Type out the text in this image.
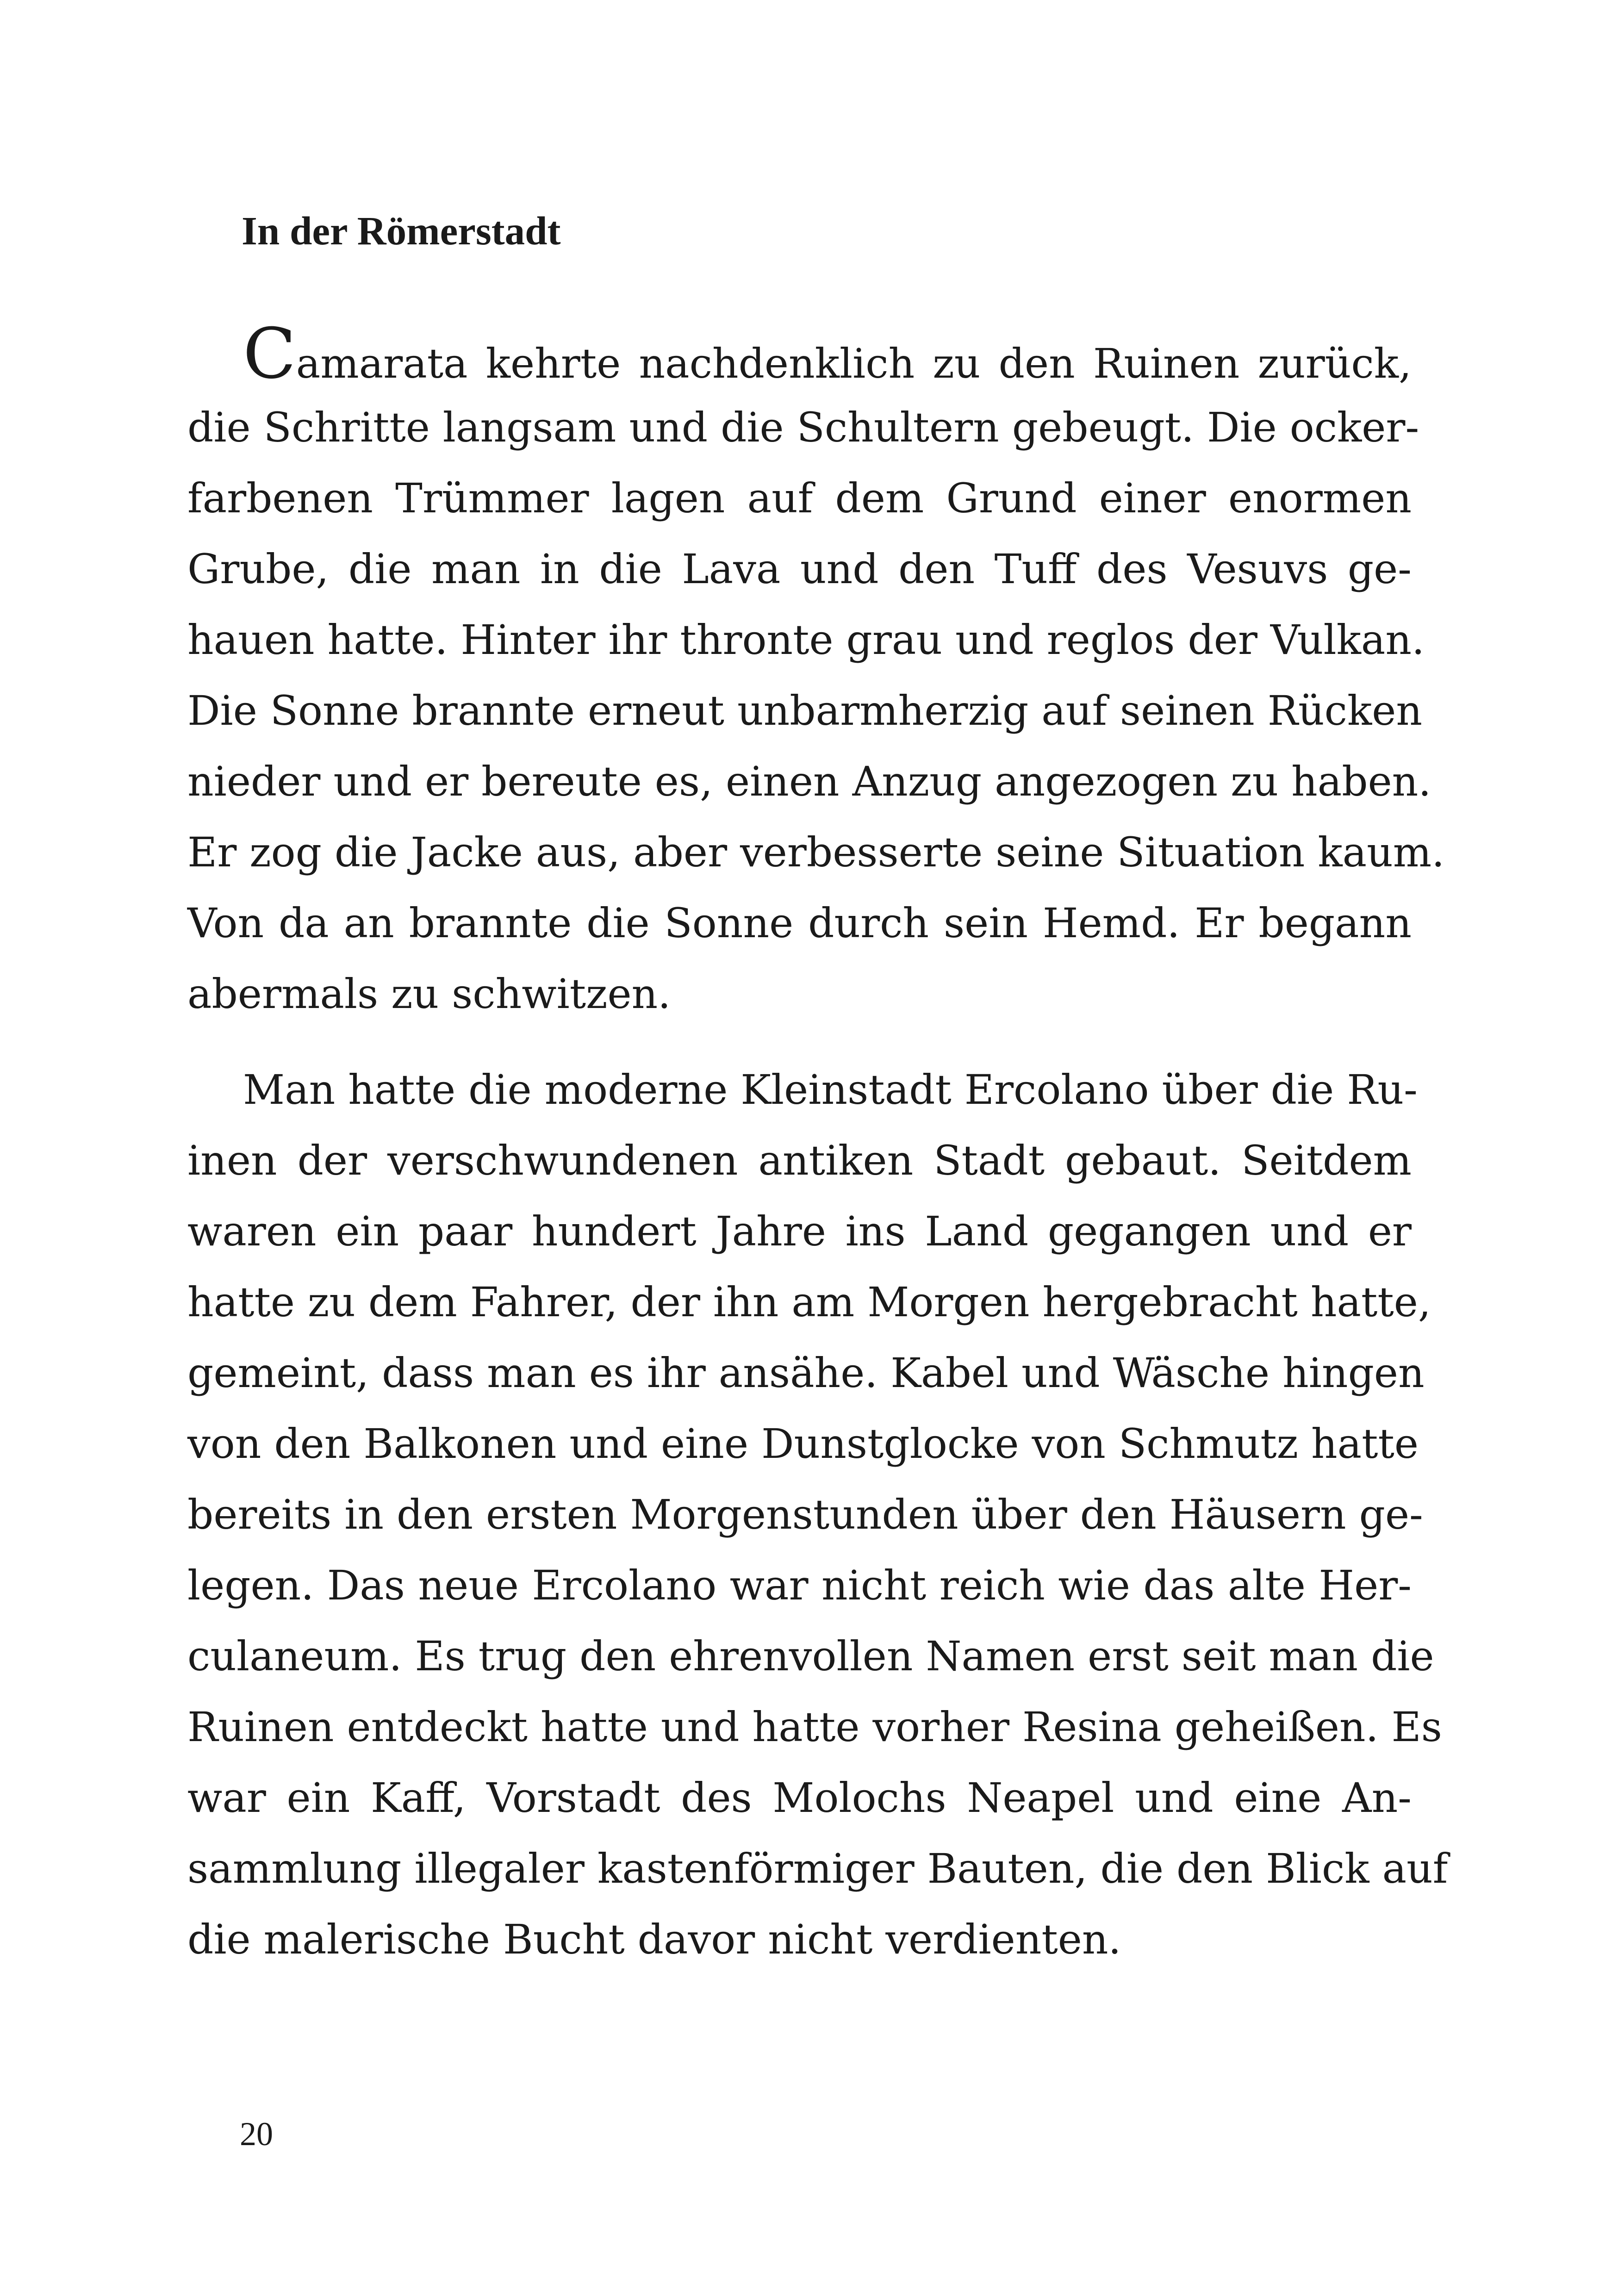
In der Römerstadt
Camarata kehrte nachdenklich zu den Ruinen zurück,
die Schritte langsam und die Schultern gebeugt. Die ocker-
farbenen Trümmer lagen auf dem Grund einer enormen
Grube, die man in die Lava und den Tuff des Vesuvs ge-
hauen hatte. Hinter ihr thronte grau und reglos der Vulkan.
Die Sonne brannte erneut unbarmherzig auf seinen Rücken
nieder und er bereute es, einen Anzug angezogen zu haben.
Er zog die Jacke aus, aber verbesserte seine Situation kaum.
Von da an brannte die Sonne durch sein Hemd. Er begann
abermals zu schwitzen.
Man hatte die moderne Kleinstadt Ercolano über die Ru-
inen der verschwundenen antiken Stadt gebaut. Seitdem
waren ein paar hundert Jahre ins Land gegangen und er
hatte zu dem Fahrer, der ihn am Morgen hergebracht hatte,
gemeint, dass man es ihr ansähe. Kabel und Wäsche hingen
von den Balkonen und eine Dunstglocke von Schmutz hatte
bereits in den ersten Morgenstunden über den Häusern ge-
legen. Das neue Ercolano war nicht reich wie das alte Her-
culaneum. Es trug den ehrenvollen Namen erst seit man die
Ruinen entdeckt hatte und hatte vorher Resina geheißen. Es
war ein Kaff, Vorstadt des Molochs Neapel und eine An-
sammlung illegaler kastenförmiger Bauten, die den Blick auf
die malerische Bucht davor nicht verdienten.
20
